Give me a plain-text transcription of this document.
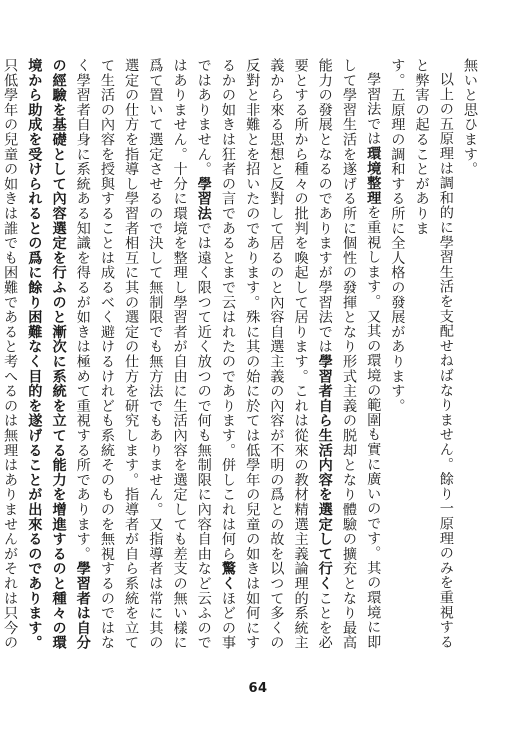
無いと思ひます。

以上の五原理は調和的に學習生活を支配せねばなりません。餘り一原理のみを重視すると弊害の起ることがありま

す。五原理の調和する所に全人格の發展があります。

學習法では環境整理を重視します。又其の環境の範圍も實に廣いのです。其の環境に即して學習生活を遂げる所に個性の發揮となり形式主義の脱却となり體驗の擴充となり最高能力の發展となるのでありますが學習法では學習者自ら生活内容を選定して行くことを必要とする所から種々の批判を喚起して居ります。これは從來の教材精選主義論理的系統主義から來る思想と反對して居るのと內容自選主義の內容が不明の爲との故を以つて多くの反對と非難とを招いたのであります。殊に其の始に於ては低學年の兒童の如きは如何にするかの如きは狂者の言であるとまで云はれたのであります。併しこれは何ら驚くほどの事ではありません。學習法では遠く限つて近く放つので何も無制限に內容自由など云ふのではありません。十分に環境を整理し學習者が自由に生活內容を選定しても差支の無い樣に爲て置いて選定させるので決して無制限でも無方法でもありません。又指導者は常に其の選定の仕方を指導し學習者相互に其の選定の仕方を研究します。指導者が自ら系統を立てて生活の內容を授與することは成るべく避けるけれども系統そのものを無視するのではなく學習者自身に系統ある知識を得るが如きは極めて重視する所であります。學習者は自分の經驗を基礎として內容選定を行ふのと漸次に系統を立てる能力を增進するのと種々の環境から助成を受けられるとの爲に餘り困難なく目的を遂げることが出來るのであります。只低學年の兒童の如きは誰でも困難であると考へるのは無理はありませんがそれは只今の

64
